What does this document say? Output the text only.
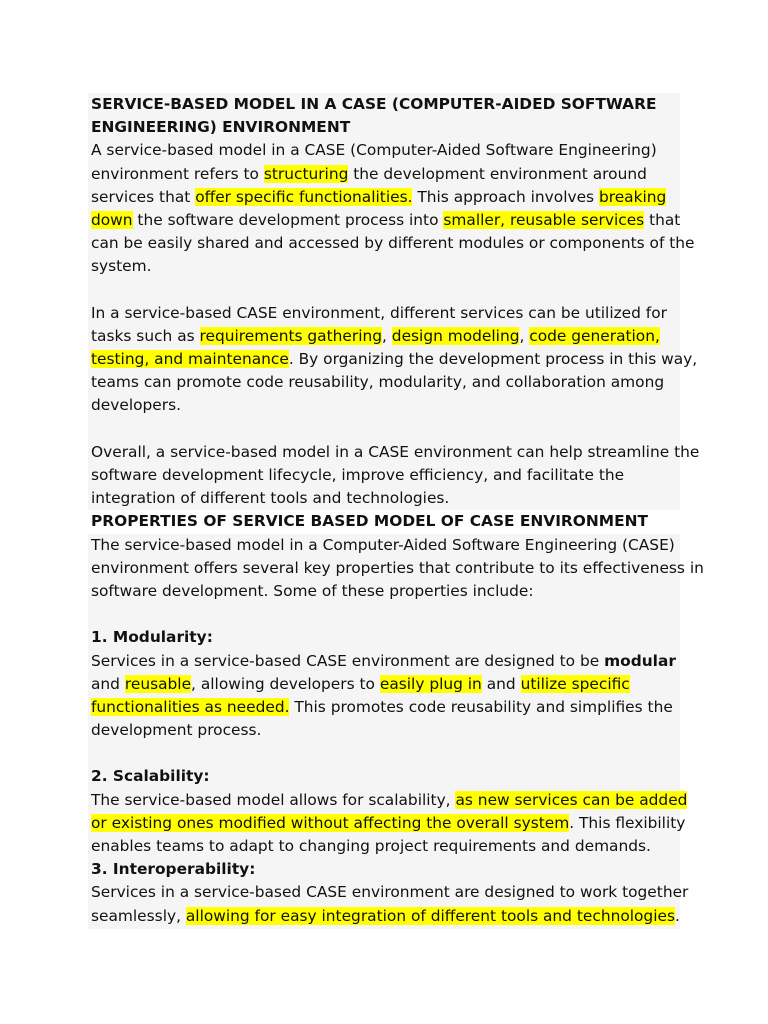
SERVICE-BASED MODEL IN A CASE (COMPUTER-AIDED SOFTWARE
ENGINEERING) ENVIRONMENT
A service-based model in a CASE (Computer-Aided Software Engineering)
environment refers to structuring the development environment around
services that offer specific functionalities. This approach involves breaking
down the software development process into smaller, reusable services that
can be easily shared and accessed by different modules or components of the
system.
In a service-based CASE environment, different services can be utilized for
tasks such as requirements gathering, design modeling, code generation,
testing, and maintenance. By organizing the development process in this way,
teams can promote code reusability, modularity, and collaboration among
developers.
Overall, a service-based model in a CASE environment can help streamline the
software development lifecycle, improve efficiency, and facilitate the
integration of different tools and technologies.
PROPERTIES OF SERVICE BASED MODEL OF CASE ENVIRONMENT
The service-based model in a Computer-Aided Software Engineering (CASE)
environment offers several key properties that contribute to its effectiveness in
software development. Some of these properties include:
1. Modularity:
Services in a service-based CASE environment are designed to be modular
and reusable, allowing developers to easily plug in and utilize specific
functionalities as needed. This promotes code reusability and simplifies the
development process.
2. Scalability:
The service-based model allows for scalability, as new services can be added
or existing ones modified without affecting the overall system. This flexibility
enables teams to adapt to changing project requirements and demands.
3. Interoperability:
Services in a service-based CASE environment are designed to work together
seamlessly, allowing for easy integration of different tools and technologies.
